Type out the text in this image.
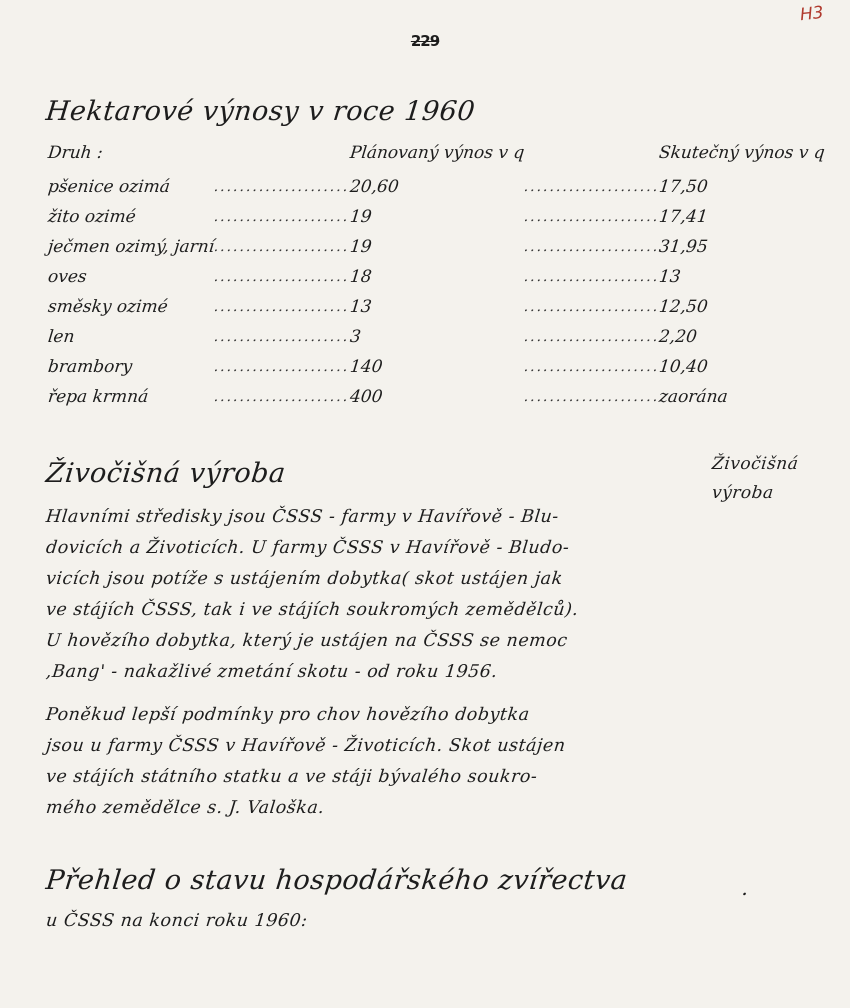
H3
229
Hektarové výnosy v roce 1960
Druh :		Plánovaný výnos v q		Skutečný výnos v q
pšenice ozimá	.....................	20,60	.....................	17,50
žito ozimé	.....................	19	.....................	17,41
ječmen ozimý, jarní	.....................	19	.....................	31,95
oves	.....................	18	.....................	13
směsky ozimé	.....................	13	.....................	12,50
len	.....................	3	.....................	2,20
brambory	.....................	140	.....................	10,40
řepa krmná	.....................	400	.....................	zaorána
Živočišná výroba	Živočišná
výroba
Hlavními středisky jsou ČSSS - farmy v Havířově - Blu-
dovicích a Životicích. U farmy ČSSS v Havířově - Bludo-
vicích jsou potíže s ustájením dobytka( skot ustájen jak
ve stájích ČSSS, tak i ve stájích soukromých zemědělců).
U hovězího dobytka, který je ustájen na ČSSS se nemoc
,Bang' - nakažlivé zmetání skotu - od roku 1956.
Poněkud lepší podmínky pro chov hovězího dobytka
jsou u farmy ČSSS v Havířově - Životicích. Skot ustájen
ve stájích státního statku a ve stáji bývalého soukro-
mého zemědělce s. J. Valoška.
Přehled o stavu hospodářského zvířectva	.
u ČSSS na konci roku 1960:
